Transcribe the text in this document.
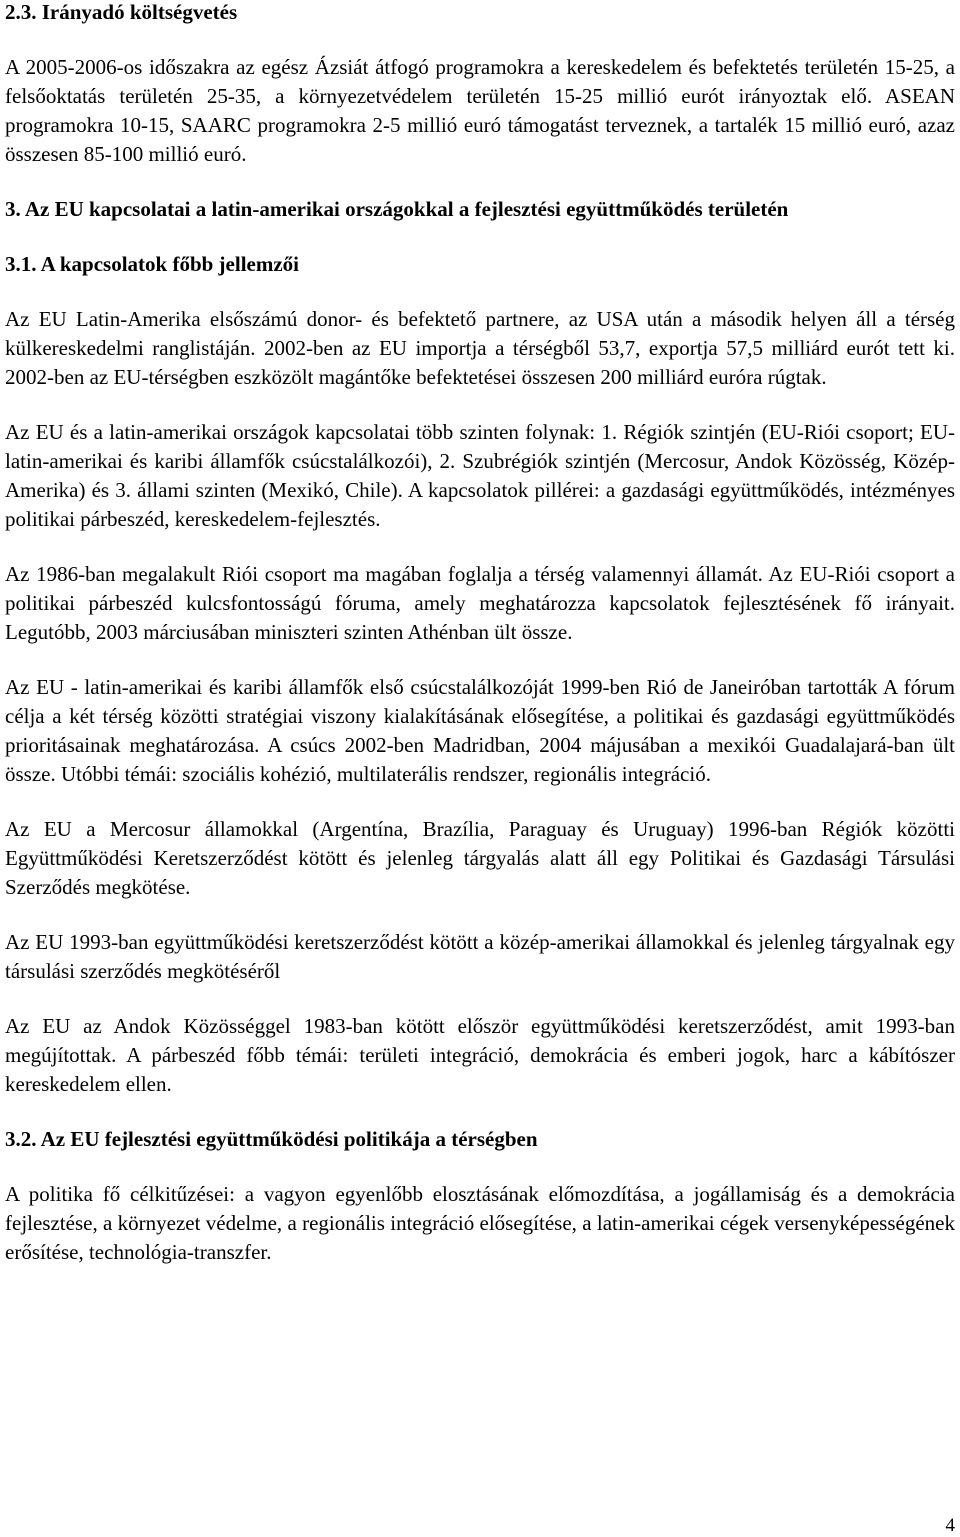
2.3. Irányadó költségvetés

A 2005-2006-os időszakra az egész Ázsiát átfogó programokra a kereskedelem és befektetés területén 15-25, a felsőoktatás területén 25-35, a környezetvédelem területén 15-25 millió eurót irányoztak elő. ASEAN programokra 10-15, SAARC programokra 2-5 millió euró támogatást terveznek, a tartalék 15 millió euró, azaz összesen 85-100 millió euró.

3. Az EU kapcsolatai a latin-amerikai országokkal a fejlesztési együttműködés területén
3.1. A kapcsolatok főbb jellemzői

Az EU Latin-Amerika elsőszámú donor- és befektető partnere, az USA után a második helyen áll a térség külkereskedelmi ranglistáján. 2002-ben az EU importja a térségből 53,7, exportja 57,5 milliárd eurót tett ki. 2002-ben az EU-térségben eszközölt magántőke befektetései összesen 200 milliárd euróra rúgtak.

Az EU és a latin-amerikai országok kapcsolatai több szinten folynak: 1. Régiók szintjén (EU-Riói csoport; EU- latin-amerikai és karibi államfők csúcstalálkozói), 2. Szubrégiók szintjén (Mercosur, Andok Közösség, Közép-Amerika) és 3. állami szinten (Mexikó, Chile). A kapcsolatok pillérei: a gazdasági együttműködés, intézményes politikai párbeszéd, kereskedelem-fejlesztés.

Az 1986-ban megalakult Riói csoport ma magában foglalja a térség valamennyi államát. Az EU-Riói csoport a politikai párbeszéd kulcsfontosságú fóruma, amely meghatározza kapcsolatok fejlesztésének fő irányait. Legutóbb, 2003 márciusában miniszteri szinten Athénban ült össze.

Az EU - latin-amerikai és karibi államfők első csúcstalálkozóját 1999-ben Rió de Janeiróban tartották A fórum célja a két térség közötti stratégiai viszony kialakításának elősegítése, a politikai és gazdasági együttműködés prioritásainak meghatározása. A csúcs 2002-ben Madridban, 2004 májusában a mexikói Guadalajará-ban ült össze. Utóbbi témái: szociális kohézió, multilaterális rendszer, regionális integráció.

Az EU a Mercosur államokkal (Argentína, Brazília, Paraguay és Uruguay) 1996-ban Régiók közötti Együttműködési Keretszerződést kötött és jelenleg tárgyalás alatt áll egy Politikai és Gazdasági Társulási Szerződés megkötése.

Az EU 1993-ban együttműködési keretszerződést kötött a közép-amerikai államokkal és jelenleg tárgyalnak egy társulási szerződés megkötéséről

Az EU az Andok Közösséggel 1983-ban kötött először együttműködési keretszerződést, amit 1993-ban megújítottak. A párbeszéd főbb témái: területi integráció, demokrácia és emberi jogok, harc a kábítószer kereskedelem ellen.

3.2. Az EU fejlesztési együttműködési politikája a térségben

A politika fő célkitűzései: a vagyon egyenlőbb elosztásának előmozdítása, a jogállamiság és a demokrácia fejlesztése, a környezet védelme, a regionális integráció elősegítése, a latin-amerikai cégek versenyképességének erősítése, technológia-transzfer.

4
